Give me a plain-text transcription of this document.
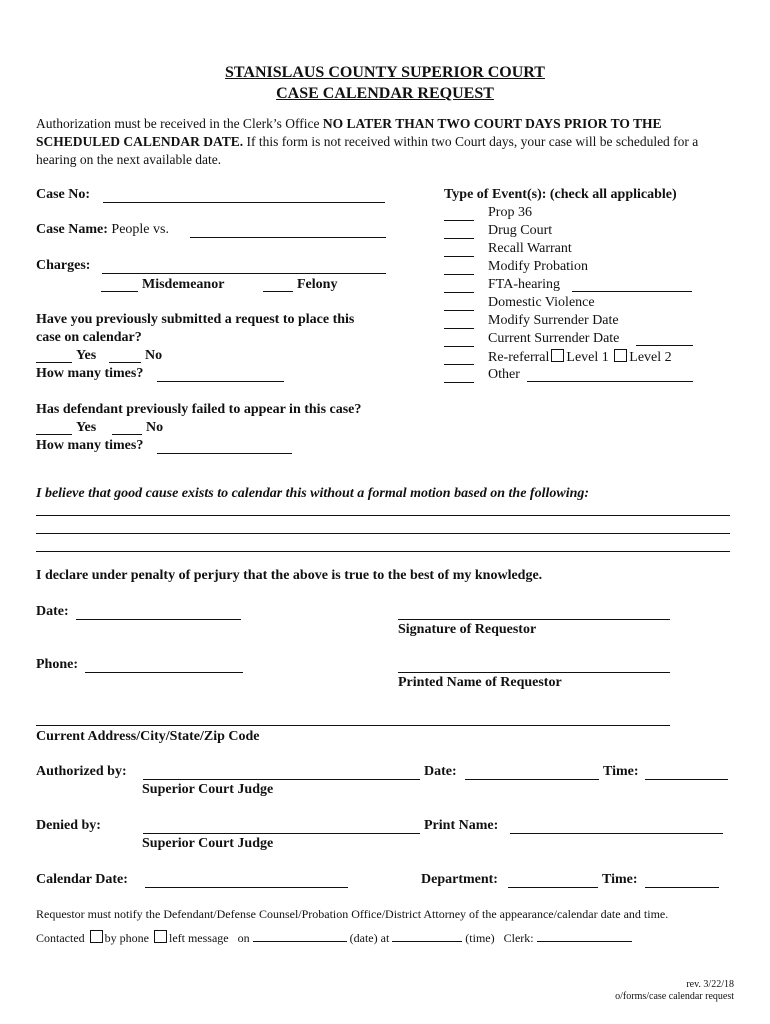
STANISLAUS COUNTY SUPERIOR COURT
CASE CALENDAR REQUEST
Authorization must be received in the Clerk’s Office NO LATER THAN TWO COURT DAYS PRIOR TO THE SCHEDULED CALENDAR DATE. If this form is not received within two Court days, your case will be scheduled for a hearing on the next available date.
Case No:
Case Name: People vs.
Charges:
Misdemeanor	Felony
Have you previously submitted a request to place this
case on calendar?
Yes	No
How many times?
Type of Event(s): (check all applicable)
Prop 36
Drug Court
Recall Warrant
Modify Probation
FTA-hearing
Domestic Violence
Modify Surrender Date
Current Surrender Date
Re-referral Level 1 Level 2
Other
Has defendant previously failed to appear in this case?
Yes	No
How many times?
I believe that good cause exists to calendar this without a formal motion based on the following:
I declare under penalty of perjury that the above is true to the best of my knowledge.
Date:
Signature of Requestor
Phone:
Printed Name of Requestor
Current Address/City/State/Zip Code
Authorized by:	Date:	Time:
Superior Court Judge
Denied by:	Print Name:
Superior Court Judge
Calendar Date:	Department:	Time:
Requestor must notify the Defendant/Defense Counsel/Probation Office/District Attorney of the appearance/calendar date and time.
Contacted by phone left message on	(date) at	(time) Clerk:
rev. 3/22/18
o/forms/case calendar request
